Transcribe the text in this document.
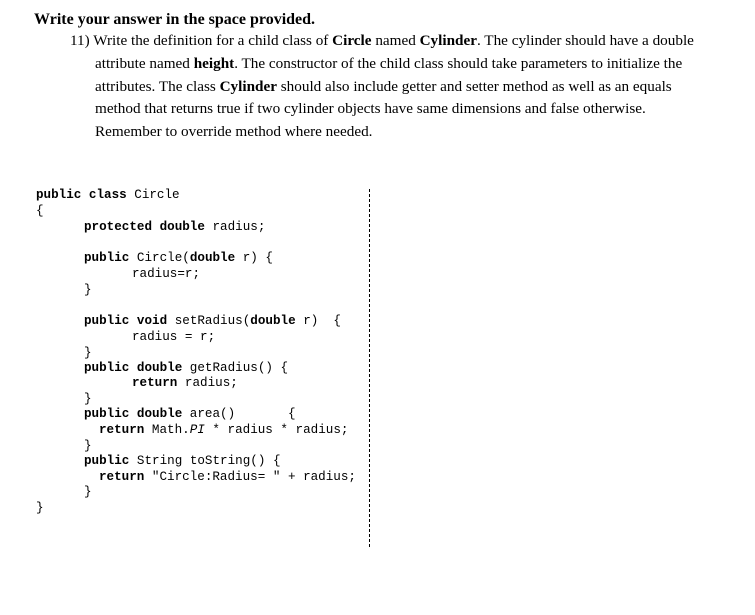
Write your answer in the space provided.
11) Write the definition for a child class of Circle named Cylinder. The cylinder should have a double
attribute named height. The constructor of the child class should take parameters to initialize the
attributes. The class Cylinder should also include getter and setter method as well as an equals
method that returns true if two cylinder objects have same dimensions and false otherwise.
Remember to override method where needed.
public class Circle
{
protected double radius;
public Circle(double r) {
radius=r;
}
public void setRadius(double r)  {
radius = r;
}
public double getRadius() {
return radius;
}
public double area()       {
return Math.PI * radius * radius;
}
public String toString() {
return "Circle:Radius= " + radius;
}
}
